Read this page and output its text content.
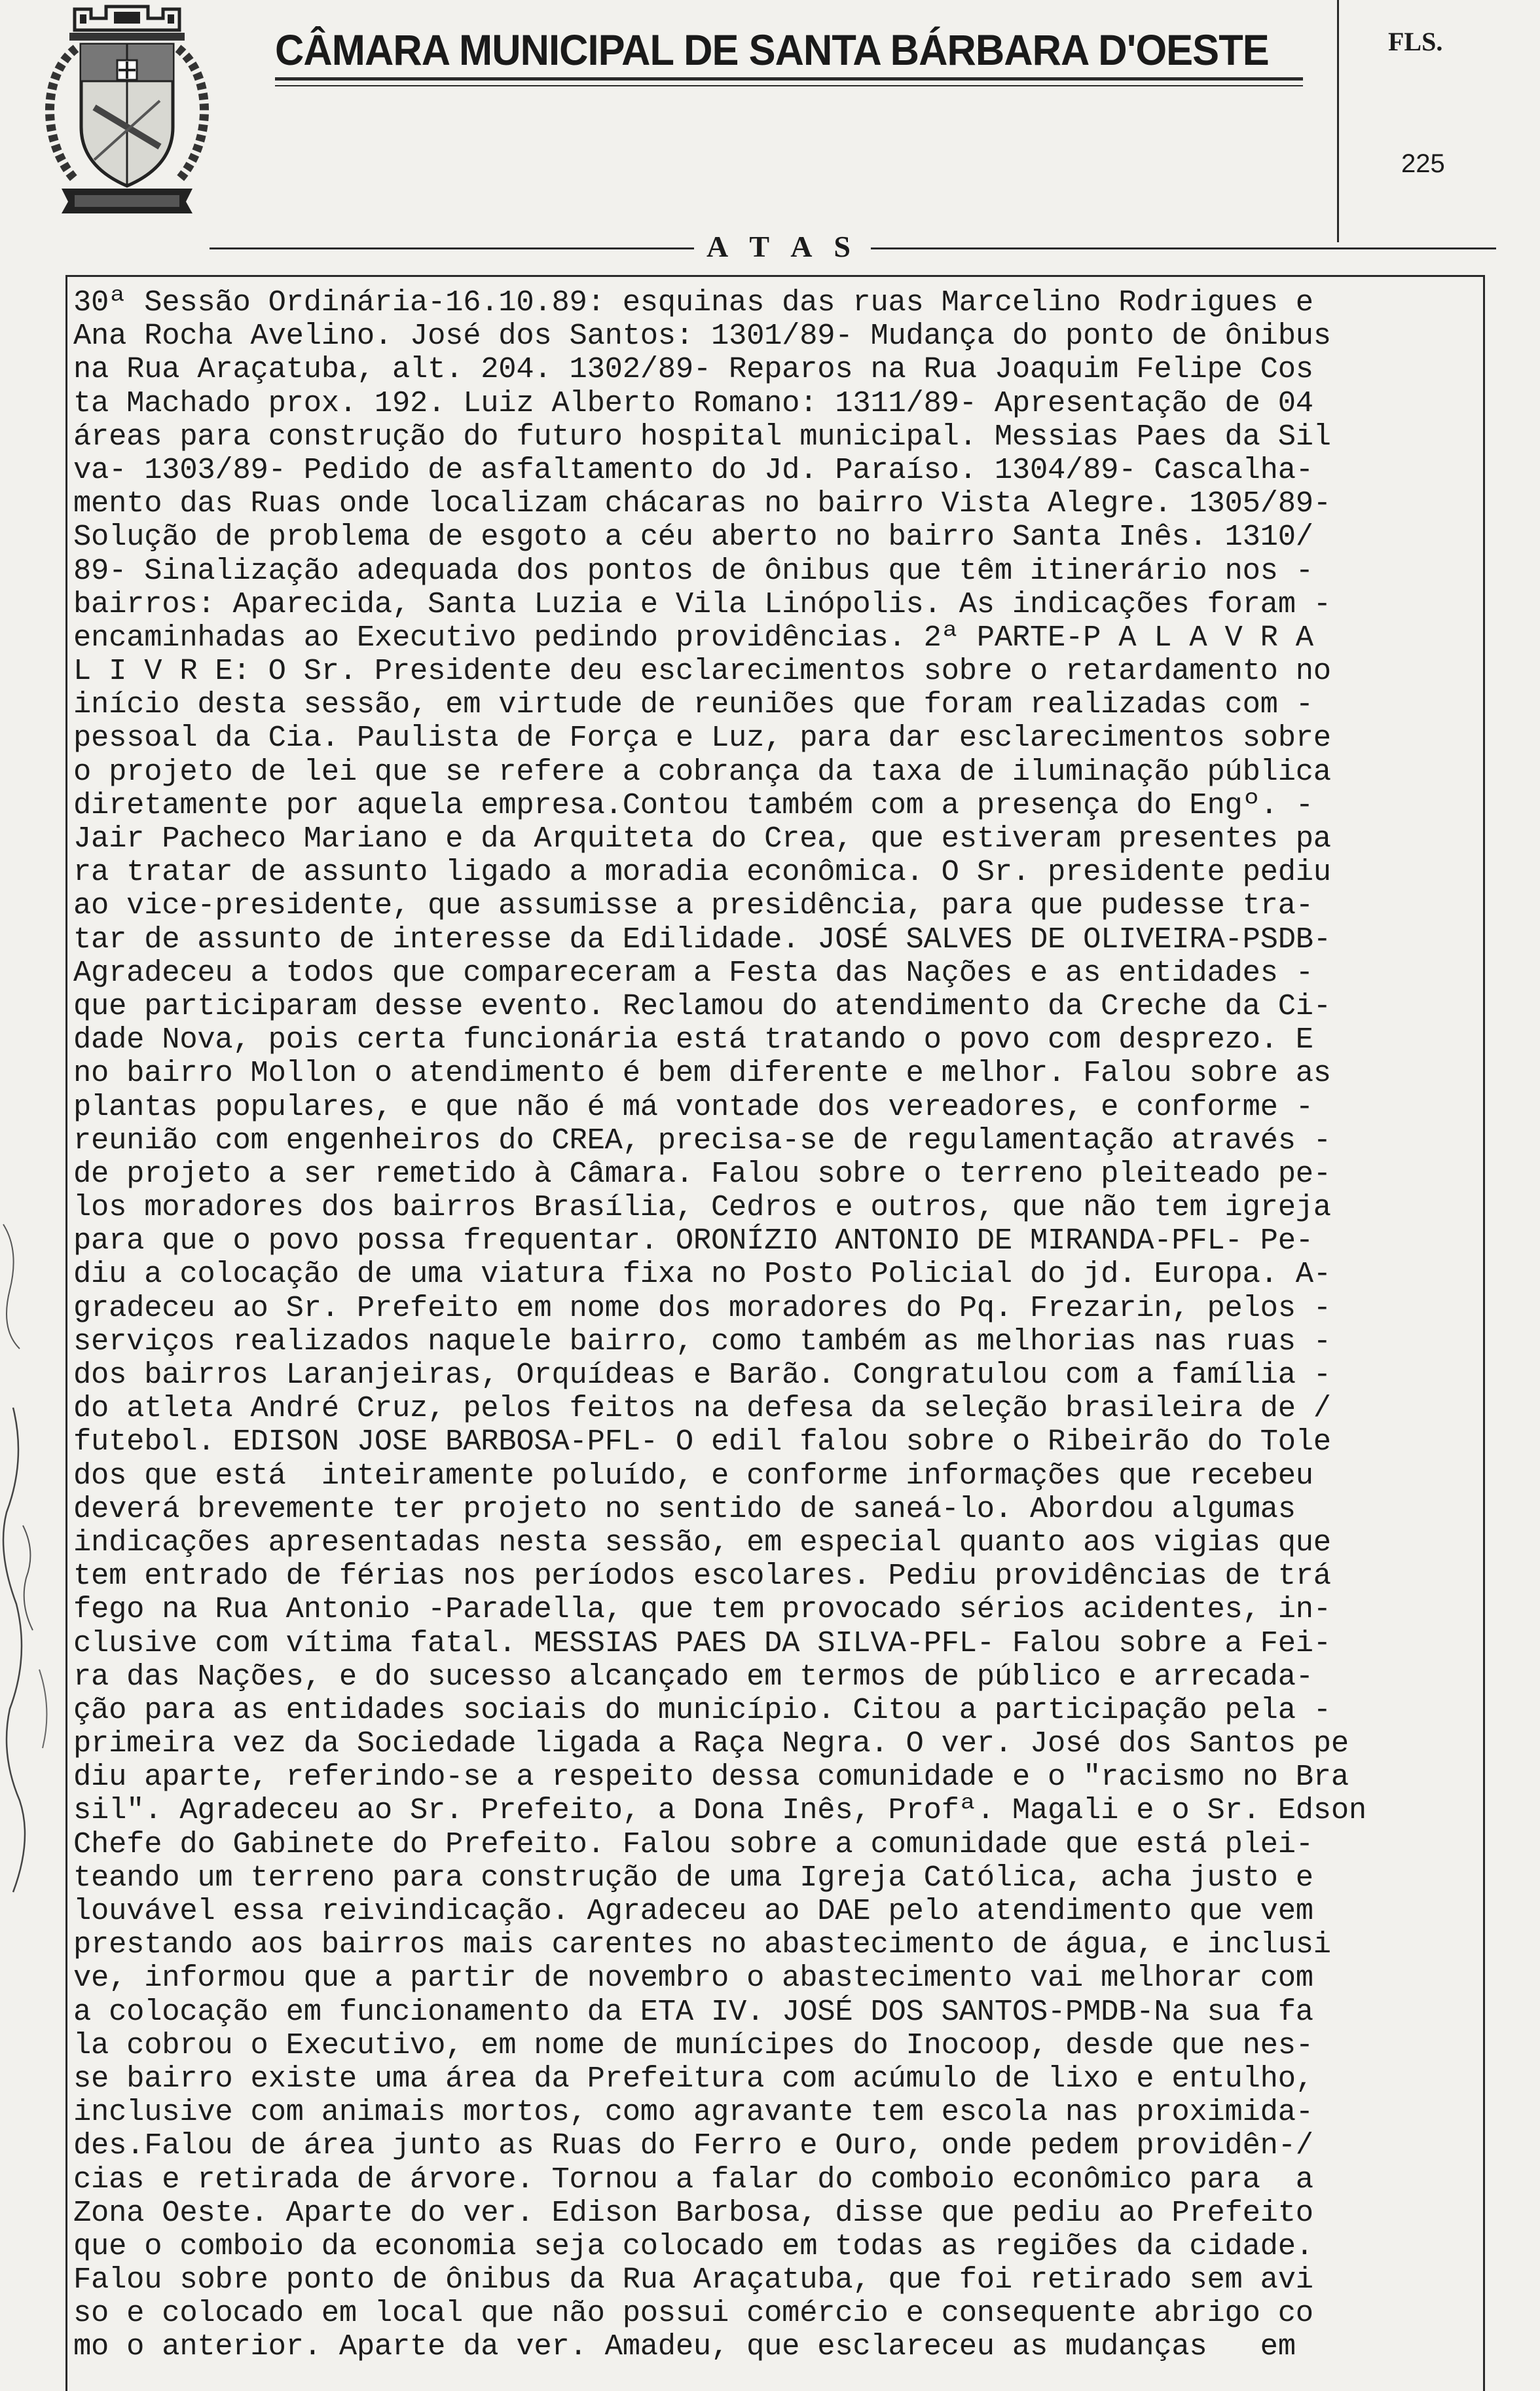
CÂMARA MUNICIPAL DE SANTA BÁRBARA D'OESTE	FLS.
225
A T A S
30ª Sessão Ordinária-16.10.89: esquinas das ruas Marcelino Rodrigues e
Ana Rocha Avelino. José dos Santos: 1301/89- Mudança do ponto de ônibus
na Rua Araçatuba, alt. 204. 1302/89- Reparos na Rua Joaquim Felipe Cos
ta Machado prox. 192. Luiz Alberto Romano: 1311/89- Apresentação de 04
áreas para construção do futuro hospital municipal. Messias Paes da Sil
va- 1303/89- Pedido de asfaltamento do Jd. Paraíso. 1304/89- Cascalha-
mento das Ruas onde localizam chácaras no bairro Vista Alegre. 1305/89-
Solução de problema de esgoto a céu aberto no bairro Santa Inês. 1310/
89- Sinalização adequada dos pontos de ônibus que têm itinerário nos -
bairros: Aparecida, Santa Luzia e Vila Linópolis. As indicações foram -
encaminhadas ao Executivo pedindo providências. 2ª PARTE-P A L A V R A
L I V R E: O Sr. Presidente deu esclarecimentos sobre o retardamento no
início desta sessão, em virtude de reuniões que foram realizadas com -
pessoal da Cia. Paulista de Força e Luz, para dar esclarecimentos sobre
o projeto de lei que se refere a cobrança da taxa de iluminação pública
diretamente por aquela empresa.Contou também com a presença do Engº. -
Jair Pacheco Mariano e da Arquiteta do Crea, que estiveram presentes pa
ra tratar de assunto ligado a moradia econômica. O Sr. presidente pediu
ao vice-presidente, que assumisse a presidência, para que pudesse tra-
tar de assunto de interesse da Edilidade. JOSÉ SALVES DE OLIVEIRA-PSDB-
Agradeceu a todos que compareceram a Festa das Nações e as entidades -
que participaram desse evento. Reclamou do atendimento da Creche da Ci-
dade Nova, pois certa funcionária está tratando o povo com desprezo. E
no bairro Mollon o atendimento é bem diferente e melhor. Falou sobre as
plantas populares, e que não é má vontade dos vereadores, e conforme -
reunião com engenheiros do CREA, precisa-se de regulamentação através -
de projeto a ser remetido à Câmara. Falou sobre o terreno pleiteado pe-
los moradores dos bairros Brasília, Cedros e outros, que não tem igreja
para que o povo possa frequentar. ORONÍZIO ANTONIO DE MIRANDA-PFL- Pe-
diu a colocação de uma viatura fixa no Posto Policial do jd. Europa. A-
gradeceu ao Sr. Prefeito em nome dos moradores do Pq. Frezarin, pelos -
serviços realizados naquele bairro, como também as melhorias nas ruas -
dos bairros Laranjeiras, Orquídeas e Barão. Congratulou com a família -
do atleta André Cruz, pelos feitos na defesa da seleção brasileira de /
futebol. EDISON JOSE BARBOSA-PFL- O edil falou sobre o Ribeirão do Tole
dos que está  inteiramente poluído, e conforme informações que recebeu
deverá brevemente ter projeto no sentido de saneá-lo. Abordou algumas
indicações apresentadas nesta sessão, em especial quanto aos vigias que
tem entrado de férias nos períodos escolares. Pediu providências de trá
fego na Rua Antonio -Paradella, que tem provocado sérios acidentes, in-
clusive com vítima fatal. MESSIAS PAES DA SILVA-PFL- Falou sobre a Fei-
ra das Nações, e do sucesso alcançado em termos de público e arrecada-
ção para as entidades sociais do município. Citou a participação pela -
primeira vez da Sociedade ligada a Raça Negra. O ver. José dos Santos pe
diu aparte, referindo-se a respeito dessa comunidade e o "racismo no Bra
sil". Agradeceu ao Sr. Prefeito, a Dona Inês, Profª. Magali e o Sr. Edson
Chefe do Gabinete do Prefeito. Falou sobre a comunidade que está plei-
teando um terreno para construção de uma Igreja Católica, acha justo e
louvável essa reivindicação. Agradeceu ao DAE pelo atendimento que vem
prestando aos bairros mais carentes no abastecimento de água, e inclusi
ve, informou que a partir de novembro o abastecimento vai melhorar com
a colocação em funcionamento da ETA IV. JOSÉ DOS SANTOS-PMDB-Na sua fa
la cobrou o Executivo, em nome de munícipes do Inocoop, desde que nes-
se bairro existe uma área da Prefeitura com acúmulo de lixo e entulho,
inclusive com animais mortos, como agravante tem escola nas proximida-
des.Falou de área junto as Ruas do Ferro e Ouro, onde pedem providên-/
cias e retirada de árvore. Tornou a falar do comboio econômico para  a
Zona Oeste. Aparte do ver. Edison Barbosa, disse que pediu ao Prefeito
que o comboio da economia seja colocado em todas as regiões da cidade.
Falou sobre ponto de ônibus da Rua Araçatuba, que foi retirado sem avi
so e colocado em local que não possui comércio e consequente abrigo co
mo o anterior. Aparte da ver. Amadeu, que esclareceu as mudanças   em
